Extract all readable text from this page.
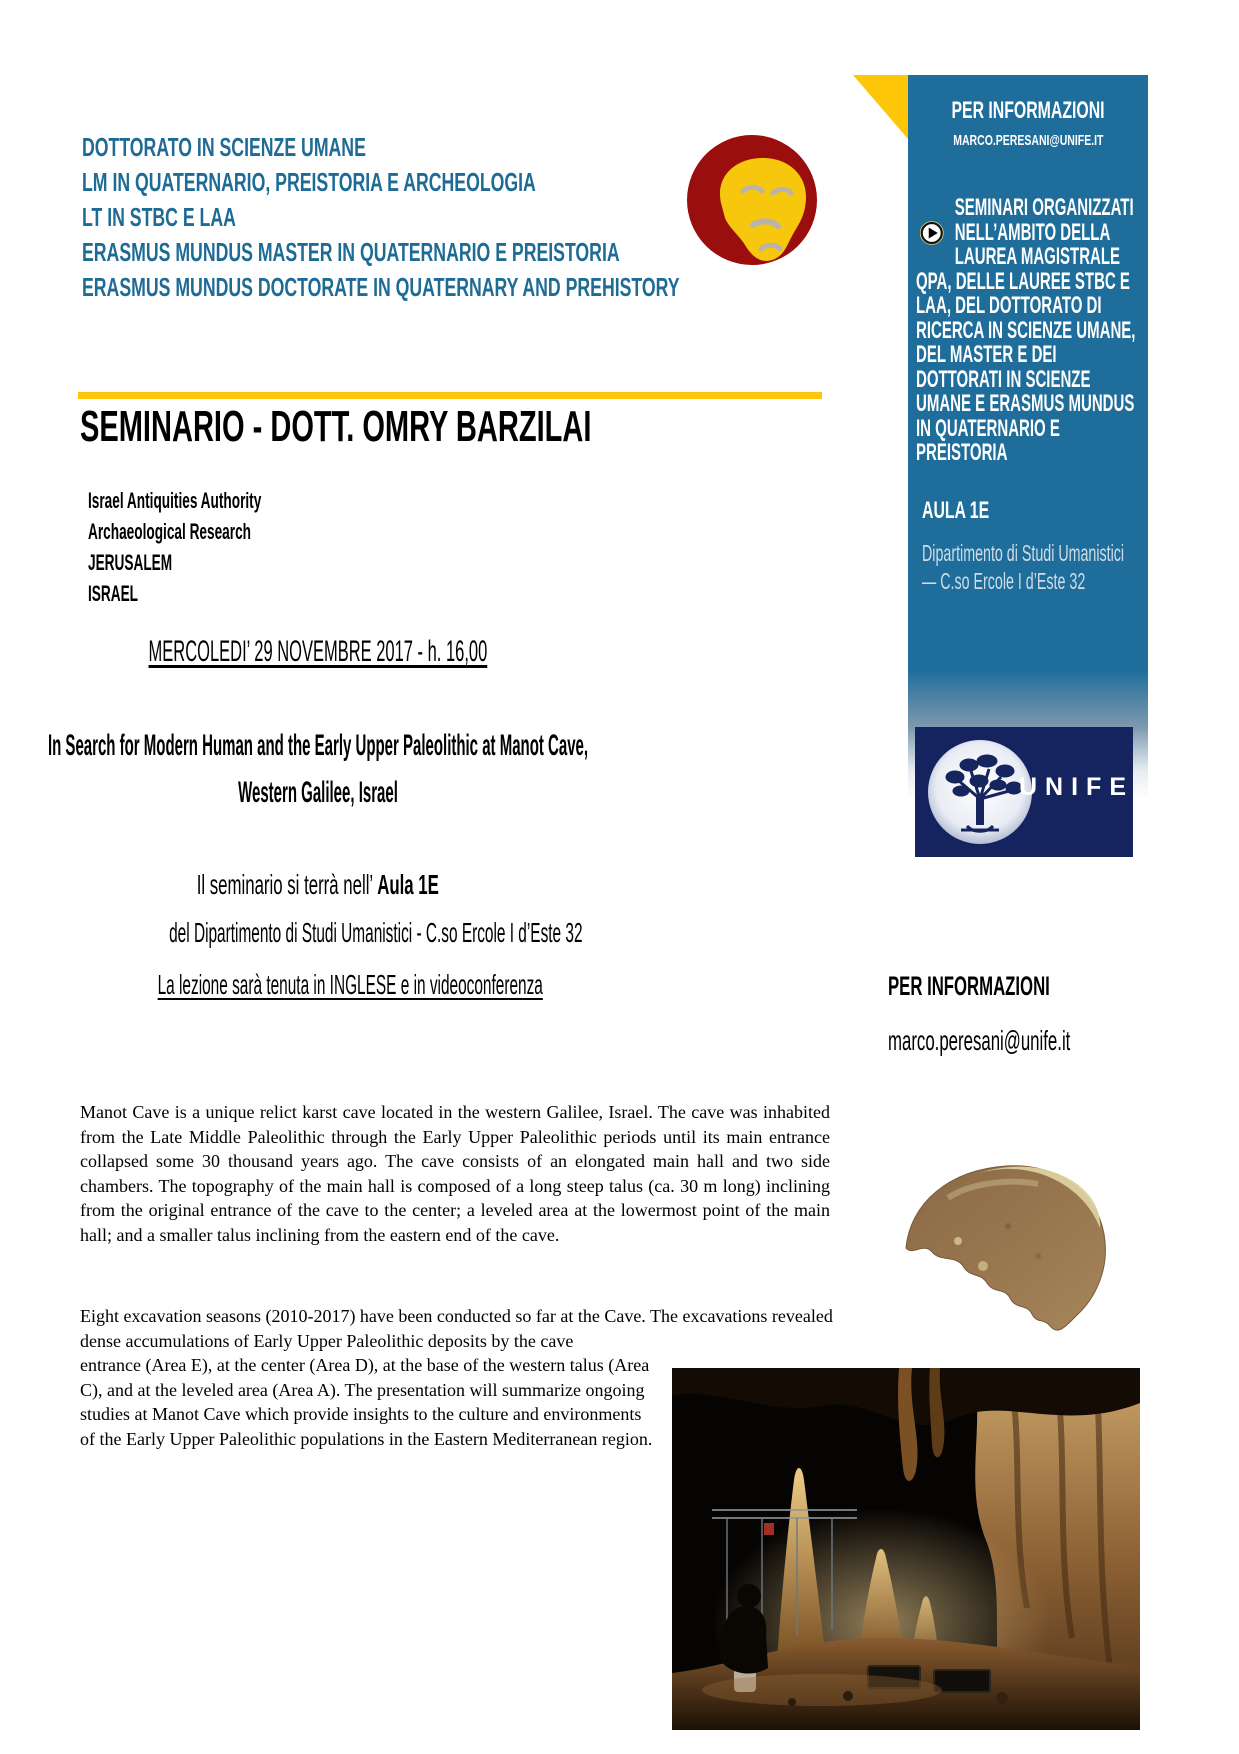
DOTTORATO IN SCIENZE UMANE
LM IN QUATERNARIO, PREISTORIA E ARCHEOLOGIA
LT IN STBC E LAA
ERASMUS MUNDUS MASTER IN QUATERNARIO E PREISTORIA
ERASMUS MUNDUS DOCTORATE IN QUATERNARY AND PREHISTORY
PER INFORMAZIONI
MARCO.PERESANI@UNIFE.IT
SEMINARI ORGANIZZATI NELL’AMBITO DELLA LAUREA MAGISTRALE QPA, DELLE LAUREE STBC E LAA, DEL DOTTORATO DI RICERCA IN SCIENZE UMANE, DEL MASTER E DEI DOTTORATI IN SCIENZE UMANE E ERASMUS MUNDUS IN QUATERNARIO E PREISTORIA
AULA 1E
Dipartimento di Studi Umanistici
— C.so Ercole I d’Este 32
UNIFE
SEMINARIO - DOTT. OMRY BARZILAI
Israel Antiquities Authority
Archaeological Research
JERUSALEM
ISRAEL
MERCOLEDI’ 29 NOVEMBRE 2017 - h. 16,00
In Search for Modern Human and the Early Upper Paleolithic at Manot Cave, Western Galilee, Israel
Il seminario si terrà nell’ Aula 1E
del Dipartimento di Studi Umanistici - C.so Ercole I d’Este 32
La lezione sarà tenuta in INGLESE e in videoconferenza	PER INFORMAZIONI
marco.peresani@unife.it
Manot Cave is a unique relict karst cave located in the western Galilee, Israel. The cave was inhabited from the Late Middle Paleolithic through the Early Upper Paleolithic periods until its main entrance collapsed some 30 thousand years ago. The cave consists of an elongated main hall and two side chambers. The topography of the main hall is composed of a long steep talus (ca. 30 m long) inclining from the original entrance of the cave to the center; a leveled area at the lowermost point of the main hall; and a smaller talus inclining from the eastern end of the cave.
Eight excavation seasons (2010-2017) have been conducted so far at the Cave. The excavations revealed dense accumulations of Early Upper Paleolithic deposits by the cave
entrance (Area E), at the center (Area D), at the base of the western talus (Area C), and at the leveled area (Area A). The presentation will summarize ongoing studies at Manot Cave which provide insights to the culture and environments of the Early Upper Paleolithic populations in the Eastern Mediterranean region.
